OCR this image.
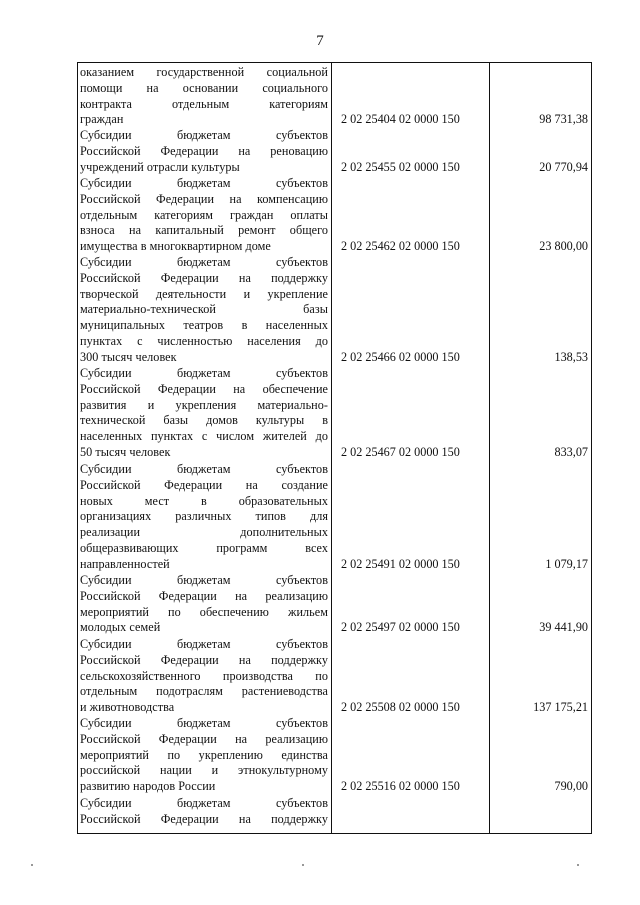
7
оказанием государственной социальной
помощи на основании социального
контракта отдельным категориям
граждан	2 02 25404 02 0000 150	98 731,38
Субсидии бюджетам субъектов
Российской Федерации на реновацию
учреждений отрасли культуры	2 02 25455 02 0000 150	20 770,94
Субсидии бюджетам субъектов
Российской Федерации на компенсацию
отдельным категориям граждан оплаты
взноса на капитальный ремонт общего
имущества в многоквартирном доме	2 02 25462 02 0000 150	23 800,00
Субсидии бюджетам субъектов
Российской Федерации на поддержку
творческой деятельности и укрепление
материально-технической базы
муниципальных театров в населенных
пунктах с численностью населения до
300 тысяч человек	2 02 25466 02 0000 150	138,53
Субсидии бюджетам субъектов
Российской Федерации на обеспечение
развития и укрепления материально-
технической базы домов культуры в
населенных пунктах с числом жителей до
50 тысяч человек	2 02 25467 02 0000 150	833,07
Субсидии бюджетам субъектов
Российской Федерации на создание
новых мест в образовательных
организациях различных типов для
реализации дополнительных
общеразвивающих программ всех
направленностей	2 02 25491 02 0000 150	1 079,17
Субсидии бюджетам субъектов
Российской Федерации на реализацию
мероприятий по обеспечению жильем
молодых семей	2 02 25497 02 0000 150	39 441,90
Субсидии бюджетам субъектов
Российской Федерации на поддержку
сельскохозяйственного производства по
отдельным подотраслям растениеводства
и животноводства	2 02 25508 02 0000 150	137 175,21
Субсидии бюджетам субъектов
Российской Федерации на реализацию
мероприятий по укреплению единства
российской нации и этнокультурному
развитию народов России	2 02 25516 02 0000 150	790,00
Субсидии бюджетам субъектов
Российской Федерации на поддержку
